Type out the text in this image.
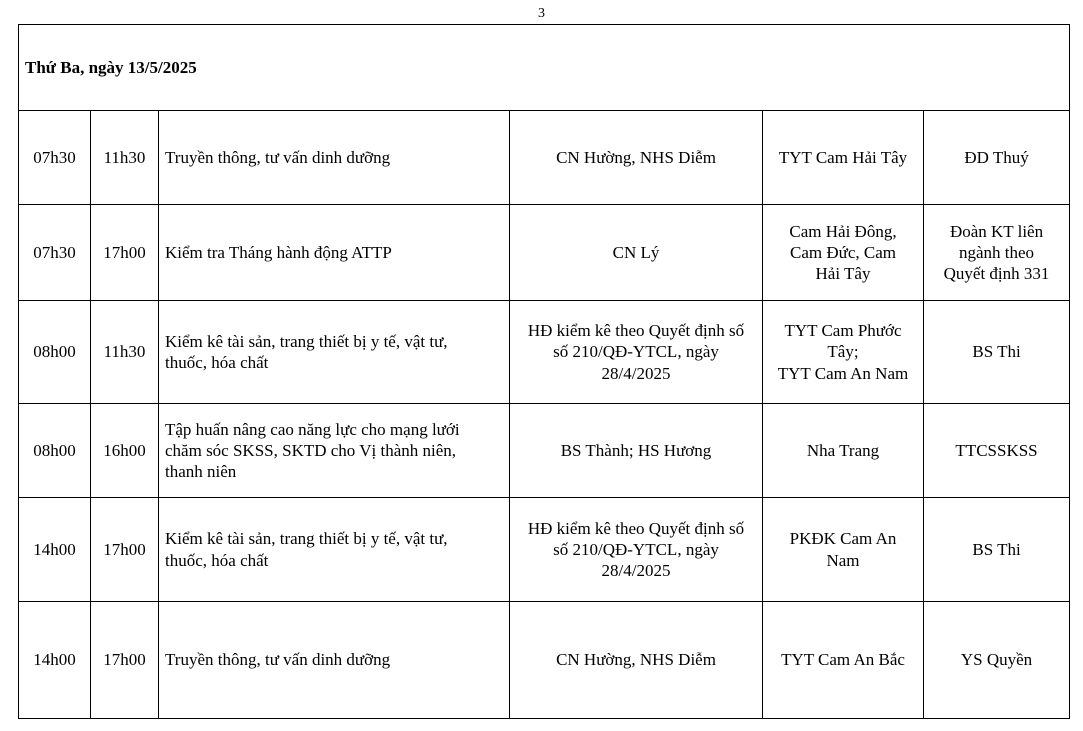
3
Thứ Ba, ngày 13/5/2025					
07h30	11h30	Truyền thông, tư vấn dinh dưỡng	CN Hường, NHS Diễm	TYT Cam Hải Tây	ĐD Thuý

07h30	17h00	Kiểm tra Tháng hành động ATTP	CN Lý	Cam Hải Đông,
Cam Đức, Cam
Hải Tây	Đoàn KT liên
ngành theo
Quyết định 331

08h00	11h30	Kiểm kê tài sản, trang thiết bị y tế, vật tư,
thuốc, hóa chất	HĐ kiểm kê theo Quyết định số
số 210/QĐ-YTCL, ngày
28/4/2025	TYT Cam Phước
Tây;
TYT Cam An Nam	BS Thi

08h00	16h00	Tập huấn nâng cao năng lực cho mạng lưới
chăm sóc SKSS, SKTD cho Vị thành niên,
thanh niên	BS Thành; HS Hương	Nha Trang	TTCSSKSS

14h00	17h00	Kiểm kê tài sản, trang thiết bị y tế, vật tư,
thuốc, hóa chất	HĐ kiểm kê theo Quyết định số
số 210/QĐ-YTCL, ngày
28/4/2025	PKĐK Cam An
Nam	BS Thi

14h00	17h00	Truyền thông, tư vấn dinh dưỡng	CN Hường, NHS Diễm	TYT Cam An Bắc	YS Quyền
